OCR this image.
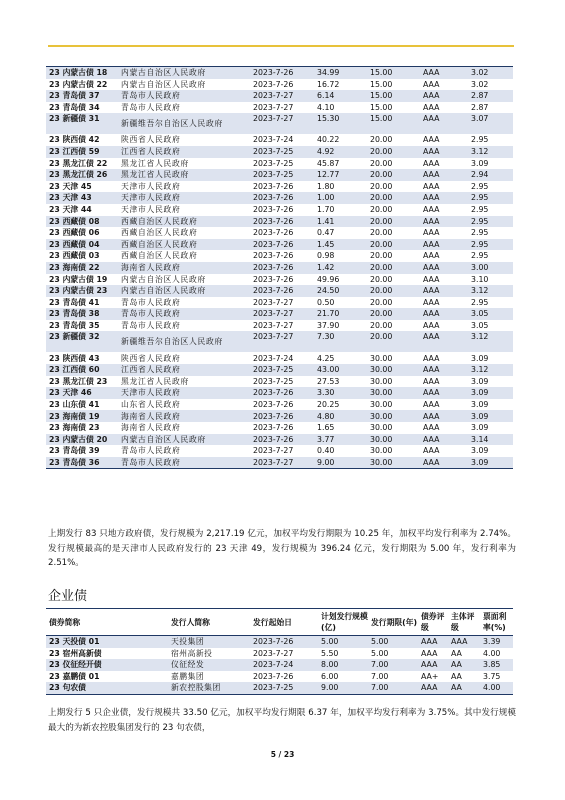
23 内蒙古债 18	内蒙古自治区人民政府	2023-7-26	34.99	15.00	AAA	3.02
23 内蒙古债 22	内蒙古自治区人民政府	2023-7-26	16.72	15.00	AAA	3.02
23 青岛债 37	青岛市人民政府	2023-7-27	6.14	15.00	AAA	2.87
23 青岛债 34	青岛市人民政府	2023-7-27	4.10	15.00	AAA	2.87
23 新疆债 31	新疆维吾尔自治区人民政府	2023-7-27	15.30	15.00	AAA	3.07
23 陕西债 42	陕西省人民政府	2023-7-24	40.22	20.00	AAA	2.95
23 江西债 59	江西省人民政府	2023-7-25	4.92	20.00	AAA	3.12
23 黑龙江债 22	黑龙江省人民政府	2023-7-25	45.87	20.00	AAA	3.09
23 黑龙江债 26	黑龙江省人民政府	2023-7-25	12.77	20.00	AAA	2.94
23 天津 45	天津市人民政府	2023-7-26	1.80	20.00	AAA	2.95
23 天津 43	天津市人民政府	2023-7-26	1.00	20.00	AAA	2.95
23 天津 44	天津市人民政府	2023-7-26	1.70	20.00	AAA	2.95
23 西藏债 08	西藏自治区人民政府	2023-7-26	1.41	20.00	AAA	2.95
23 西藏债 06	西藏自治区人民政府	2023-7-26	0.47	20.00	AAA	2.95
23 西藏债 04	西藏自治区人民政府	2023-7-26	1.45	20.00	AAA	2.95
23 西藏债 03	西藏自治区人民政府	2023-7-26	0.98	20.00	AAA	2.95
23 海南债 22	海南省人民政府	2023-7-26	1.42	20.00	AAA	3.00
23 内蒙古债 19	内蒙古自治区人民政府	2023-7-26	49.96	20.00	AAA	3.10
23 内蒙古债 23	内蒙古自治区人民政府	2023-7-26	24.50	20.00	AAA	3.12
23 青岛债 41	青岛市人民政府	2023-7-27	0.50	20.00	AAA	2.95
23 青岛债 38	青岛市人民政府	2023-7-27	21.70	20.00	AAA	3.05
23 青岛债 35	青岛市人民政府	2023-7-27	37.90	20.00	AAA	3.05
23 新疆债 32	新疆维吾尔自治区人民政府	2023-7-27	7.30	20.00	AAA	3.12
23 陕西债 43	陕西省人民政府	2023-7-24	4.25	30.00	AAA	3.09
23 江西债 60	江西省人民政府	2023-7-25	43.00	30.00	AAA	3.12
23 黑龙江债 23	黑龙江省人民政府	2023-7-25	27.53	30.00	AAA	3.09
23 天津 46	天津市人民政府	2023-7-26	3.30	30.00	AAA	3.09
23 山东债 41	山东省人民政府	2023-7-26	20.25	30.00	AAA	3.09
23 海南债 19	海南省人民政府	2023-7-26	4.80	30.00	AAA	3.09
23 海南债 23	海南省人民政府	2023-7-26	1.65	30.00	AAA	3.09
23 内蒙古债 20	内蒙古自治区人民政府	2023-7-26	3.77	30.00	AAA	3.14
23 青岛债 39	青岛市人民政府	2023-7-27	0.40	30.00	AAA	3.09
23 青岛债 36	青岛市人民政府	2023-7-27	9.00	30.00	AAA	3.09

上期发行 83 只地方政府债，发行规模为 2,217.19 亿元，加权平均发行期限为 10.25 年，加权平均发行利率为 2.74%。发行规模最高的是天津市人民政府发行的 23 天津 49，发行规模为 396.24 亿元，发行期限为 5.00 年，发行利率为 2.51%。

企业债
债券简称	发行人简称	发行起始日	计划发行规模(亿)	发行期限(年)	债券评级	主体评级	票面利率(%)
23 天投债 01	天投集团	2023-7-26	5.00	5.00	AAA	AAA	3.39
23 宿州高新债	宿州高新投	2023-7-27	5.50	5.00	AAA	AA	4.00
23 仪征经开债	仪征经发	2023-7-24	8.00	7.00	AAA	AA	3.85
23 嘉鹏债 01	嘉鹏集团	2023-7-26	6.00	7.00	AA+	AA	3.75
23 句农债	新农控股集团	2023-7-25	9.00	7.00	AAA	AA	4.00

上期发行 5 只企业债，发行规模共 33.50 亿元，加权平均发行期限 6.37 年，加权平均发行利率为 3.75%。其中发行规模最大的为新农控股集团发行的 23 句农债，

5 / 23
